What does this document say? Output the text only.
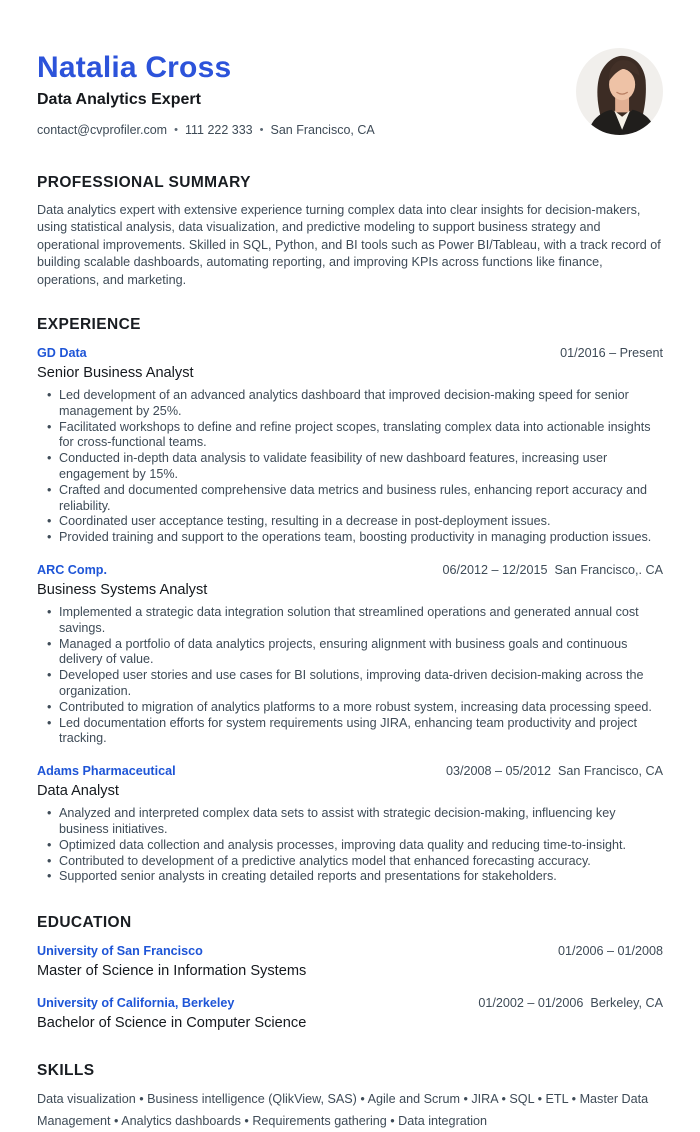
Natalia Cross

Data Analytics Expert

contact@cvprofiler.com • 111 222 333 • San Francisco, CA
PROFESSIONAL SUMMARY

Data analytics expert with extensive experience turning complex data into clear insights for decision-makers, using statistical analysis, data visualization, and predictive modeling to support business strategy and operational improvements. Skilled in SQL, Python, and BI tools such as Power BI/Tableau, with a track record of building scalable dashboards, automating reporting, and improving KPIs across functions like finance, operations, and marketing.

EXPERIENCE
GD Data	01/2016 – Present

Senior Business Analyst

• Led development of an advanced analytics dashboard that improved decision-making speed for senior management by 25%.
• Facilitated workshops to define and refine project scopes, translating complex data into actionable insights for cross-functional teams.
• Conducted in-depth data analysis to validate feasibility of new dashboard features, increasing user engagement by 15%.
• Crafted and documented comprehensive data metrics and business rules, enhancing report accuracy and reliability.
• Coordinated user acceptance testing, resulting in a decrease in post-deployment issues.
• Provided training and support to the operations team, boosting productivity in managing production issues.
ARC Comp.	06/2012 – 12/2015  San Francisco,. CA

Business Systems Analyst

• Implemented a strategic data integration solution that streamlined operations and generated annual cost savings.
• Managed a portfolio of data analytics projects, ensuring alignment with business goals and continuous delivery of value.
• Developed user stories and use cases for BI solutions, improving data-driven decision-making across the organization.
• Contributed to migration of analytics platforms to a more robust system, increasing data processing speed.
• Led documentation efforts for system requirements using JIRA, enhancing team productivity and project tracking.
Adams Pharmaceutical	03/2008 – 05/2012  San Francisco, CA

Data Analyst

• Analyzed and interpreted complex data sets to assist with strategic decision-making, influencing key business initiatives.
• Optimized data collection and analysis processes, improving data quality and reducing time-to-insight.
• Contributed to development of a predictive analytics model that enhanced forecasting accuracy.
• Supported senior analysts in creating detailed reports and presentations for stakeholders.
EDUCATION
University of San Francisco	01/2006 – 01/2008

Master of Science in Information Systems

University of California, Berkeley	01/2002 – 01/2006  Berkeley, CA

Bachelor of Science in Computer Science

SKILLS

Data visualization • Business intelligence (QlikView, SAS) • Agile and Scrum • JIRA • SQL • ETL • Master Data Management • Analytics dashboards • Requirements gathering • Data integration
